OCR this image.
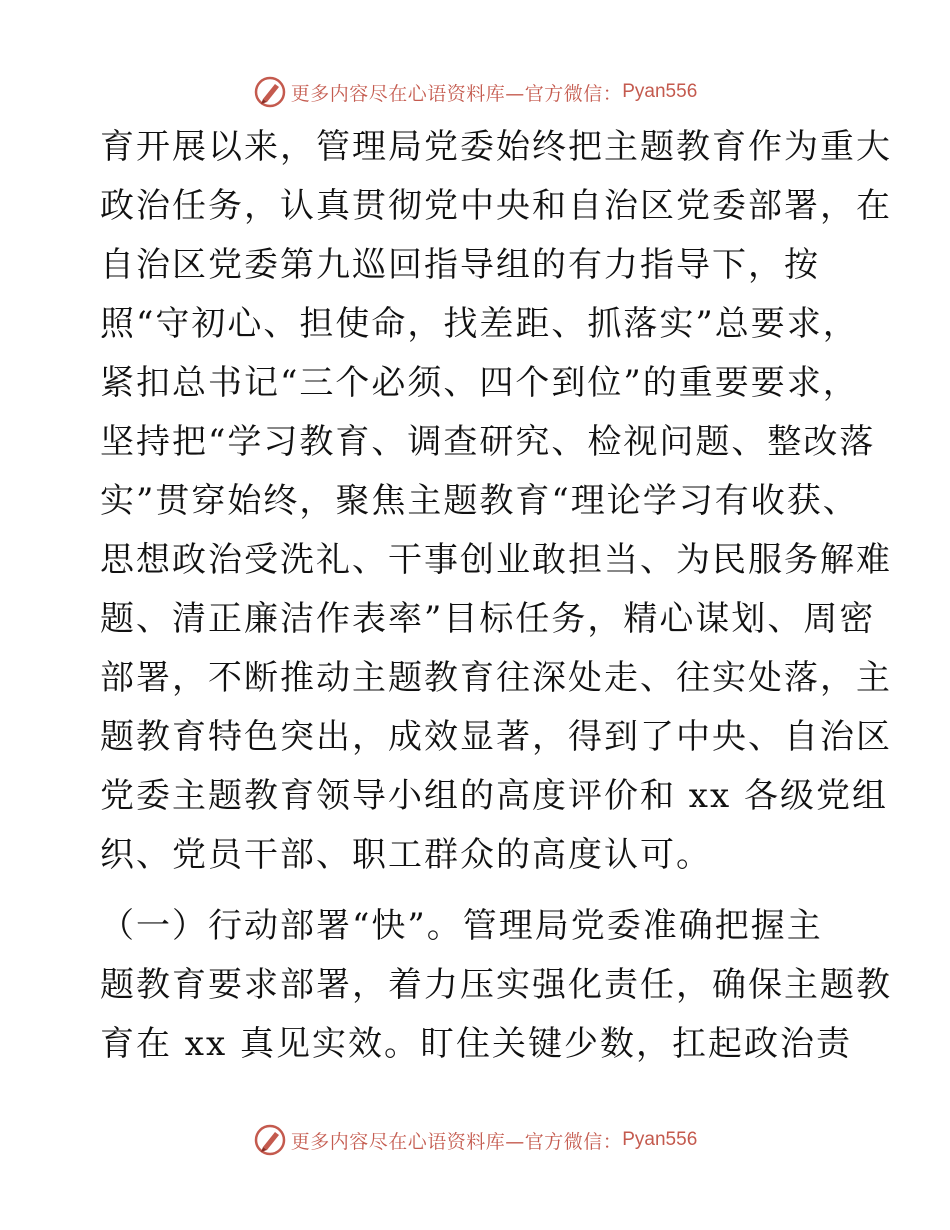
更多内容尽在心语资料库—官方微信： Pyan556
育开展以来，管理局党委始终把主题教育作为重大
政治任务，认真贯彻党中央和自治区党委部署，在
自治区党委第九巡回指导组的有力指导下，按
照“守初心、担使命，找差距、抓落实”总要求，
紧扣总书记“三个必须、四个到位”的重要要求，
坚持把“学习教育、调查研究、检视问题、整改落
实”贯穿始终，聚焦主题教育“理论学习有收获、
思想政治受洗礼、干事创业敢担当、为民服务解难
题、清正廉洁作表率”目标任务，精心谋划、周密
部署，不断推动主题教育往深处走、往实处落，主
题教育特色突出，成效显著，得到了中央、自治区
党委主题教育领导小组的高度评价和 xx 各级党组
织、党员干部、职工群众的高度认可。
（一）行动部署“快”。管理局党委准确把握主
题教育要求部署，着力压实强化责任，确保主题教
育在 xx 真见实效。盯住关键少数，扛起政治责
更多内容尽在心语资料库—官方微信： Pyan556
